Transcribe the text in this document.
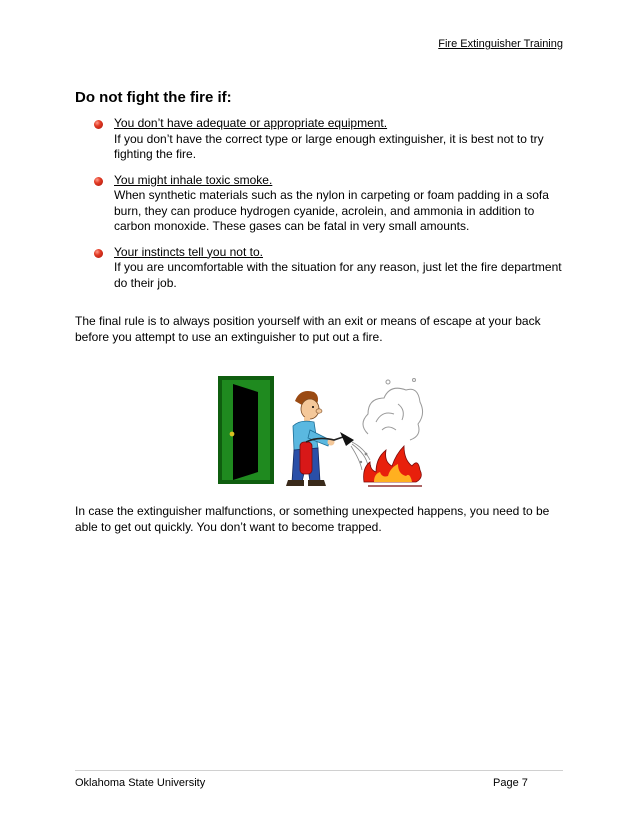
Fire Extinguisher Training
Do not fight the fire if:
You don’t have adequate or appropriate equipment.
If you don’t have the correct type or large enough extinguisher, it is best not to try fighting the fire.
You might inhale toxic smoke.
When synthetic materials such as the nylon in carpeting or foam padding in a sofa burn, they can produce hydrogen cyanide, acrolein, and ammonia in addition to carbon monoxide. These gases can be fatal in very small amounts.
Your instincts tell you not to.
If you are uncomfortable with the situation for any reason, just let the fire department do their job.

The final rule is to always position yourself with an exit or means of escape at your back before you attempt to use an extinguisher to put out a fire.

In case the extinguisher malfunctions, or something unexpected happens, you need to be able to get out quickly. You don’t want to become trapped.

Oklahoma State University	Page 7
